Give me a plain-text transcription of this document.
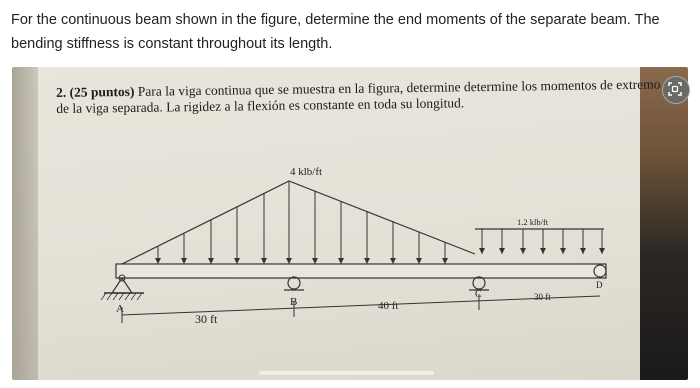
For the continuous beam shown in the figure, determine the end moments of the separate beam. The bending stiffness is constant throughout its length.
2. (25 puntos) Para la viga continua que se muestra en la figura, determine determine los momentos de extremo
de la viga separada. La rigidez a la flexión es constante en toda su longitud.
4 klb/ft
1.2 klb/ft
A
B
C
D
30 ft
40 ft
30 ft
